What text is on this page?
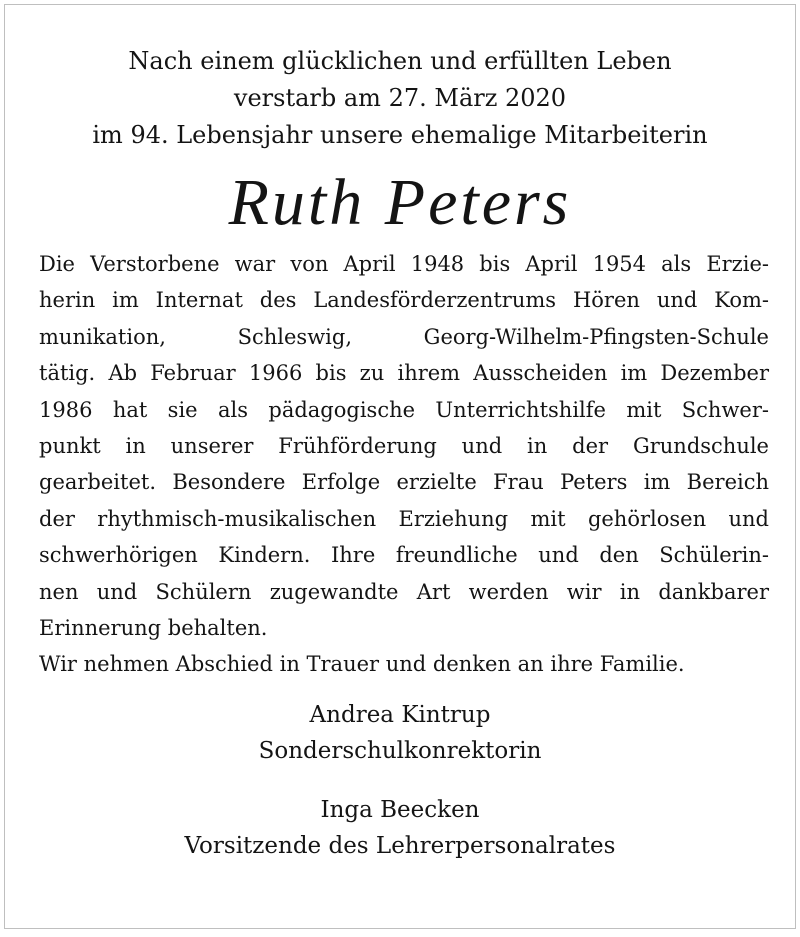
Nach einem glücklichen und erfüllten Leben
verstarb am 27. März 2020
im 94. Lebensjahr unsere ehemalige Mitarbeiterin
Ruth Peters
Die Verstorbene war von April 1948 bis April 1954 als Erzie-
herin im Internat des Landesförderzentrums Hören und Kom-
munikation, Schleswig, Georg-Wilhelm-Pfingsten-Schule
tätig. Ab Februar 1966 bis zu ihrem Ausscheiden im Dezember
1986 hat sie als pädagogische Unterrichtshilfe mit Schwer-
punkt in unserer Frühförderung und in der Grundschule
gearbeitet. Besondere Erfolge erzielte Frau Peters im Bereich
der rhythmisch-musikalischen Erziehung mit gehörlosen und
schwerhörigen Kindern. Ihre freundliche und den Schülerin-
nen und Schülern zugewandte Art werden wir in dankbarer
Erinnerung behalten.
Wir nehmen Abschied in Trauer und denken an ihre Familie.
Andrea Kintrup
Sonderschulkonrektorin
Inga Beecken
Vorsitzende des Lehrerpersonalrates
